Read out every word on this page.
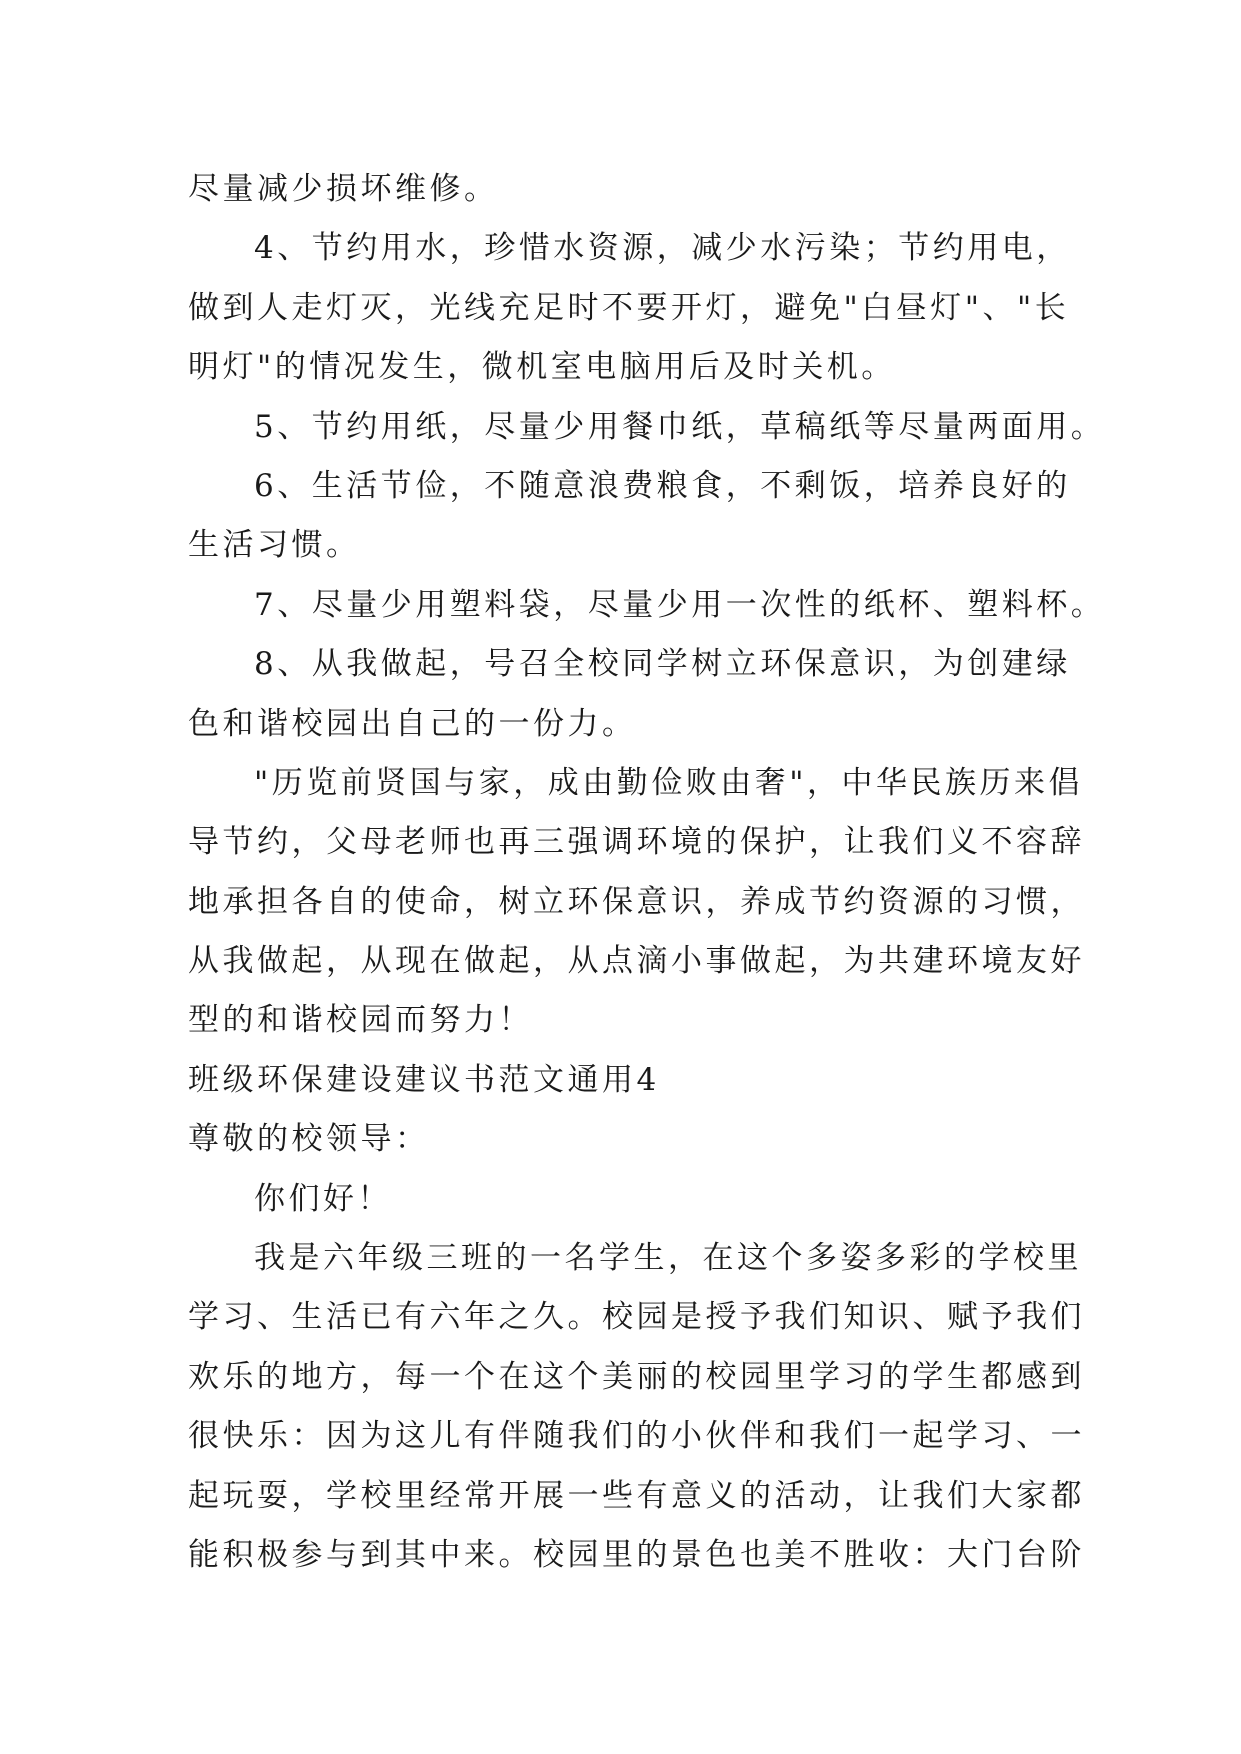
尽量减少损坏维修。
4、节约用水，珍惜水资源，减少水污染；节约用电，
做到人走灯灭，光线充足时不要开灯，避免"白昼灯"、"长
明灯"的情况发生，微机室电脑用后及时关机。
5、节约用纸，尽量少用餐巾纸，草稿纸等尽量两面用。
6、生活节俭，不随意浪费粮食，不剩饭，培养良好的
生活习惯。
7、尽量少用塑料袋，尽量少用一次性的纸杯、塑料杯。
8、从我做起，号召全校同学树立环保意识，为创建绿
色和谐校园出自己的一份力。
"历览前贤国与家，成由勤俭败由奢"，中华民族历来倡
导节约，父母老师也再三强调环境的保护，让我们义不容辞
地承担各自的使命，树立环保意识，养成节约资源的习惯，
从我做起，从现在做起，从点滴小事做起，为共建环境友好
型的和谐校园而努力！
班级环保建设建议书范文通用4
尊敬的校领导：
你们好！
我是六年级三班的一名学生，在这个多姿多彩的学校里
学习、生活已有六年之久。校园是授予我们知识、赋予我们
欢乐的地方，每一个在这个美丽的校园里学习的学生都感到
很快乐：因为这儿有伴随我们的小伙伴和我们一起学习、一
起玩耍，学校里经常开展一些有意义的活动，让我们大家都
能积极参与到其中来。校园里的景色也美不胜收：大门台阶
